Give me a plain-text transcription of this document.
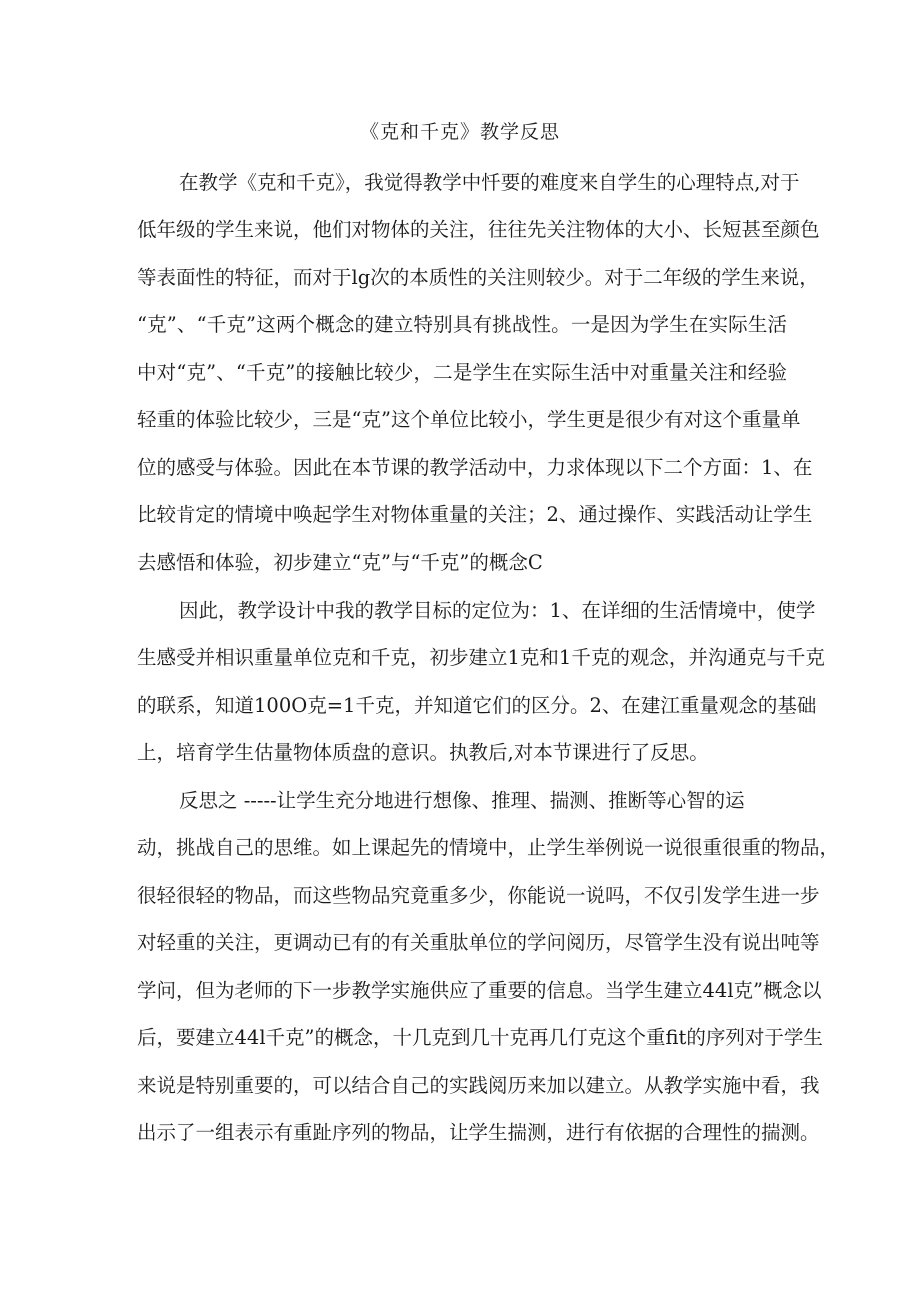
《克和千克》教学反思
在教学《克和千克》，我觉得教学中忏要的难度来自学生的心理特点,对于
低年级的学生来说，他们对物体的关注，往往先关注物体的大小、长短甚至颜色
等表面性的特征，而对于lg次的本质性的关注则较少。对于二年级的学生来说，
“克”、“千克”这两个概念的建立特别具有挑战性。一是因为学生在实际生活
中对“克”、“千克”的接触比较少，二是学生在实际生活中对重量关注和经验
轻重的体验比较少，三是“克”这个单位比较小，学生更是很少有对这个重量单
位的感受与体验。因此在本节课的教学活动中，力求体现以下二个方面：1、在
比较肯定的情境中唤起学生对物体重量的关注；2、通过操作、实践活动让学生
去感悟和体验，初步建立“克”与“千克”的概念C
因此，教学设计中我的教学目标的定位为：1、在详细的生活情境中，使学
生感受并相识重量单位克和千克，初步建立1克和1千克的观念，并沟通克与千克
的联系，知道100O克=1千克，并知道它们的区分。2、在建江重量观念的基础
上，培育学生估量物体质盘的意识。执教后,对本节课进行了反思。
反思之 -----让学生充分地进行想像、推理、揣测、推断等心智的运
动，挑战自己的思维。如上课起先的情境中，止学生举例说一说很重很重的物品，
很轻很轻的物品，而这些物品究竟重多少，你能说一说吗，不仅引发学生进一步
对轻重的关注，更调动已有的有关重肽单位的学问阅历，尽管学生没有说出吨等
学问，但为老师的下一步教学实施供应了重要的信息。当学生建立44l克”概念以
后，要建立44l千克”的概念，十几克到几十克再几仃克这个重fit的序列对于学生
来说是特别重要的，可以结合自己的实践阅历来加以建立。从教学实施中看，我
出示了一组表示有重趾序列的物品，让学生揣测，进行有依据的合理性的揣测。
